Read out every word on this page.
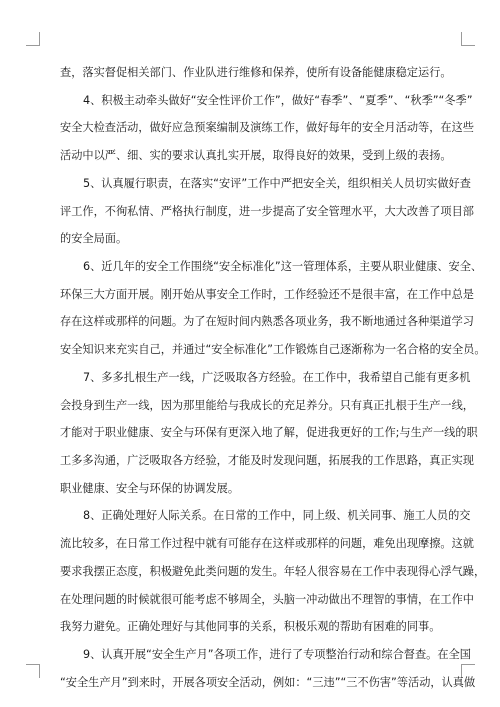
查，落实督促相关部门、作业队进行维修和保养，使所有设备能健康稳定运行。
4、积极主动牵头做好“安全性评价工作”，做好“春季”、“夏季”、“秋季”“冬季”
安全大检查活动，做好应急预案编制及演练工作，做好每年的安全月活动等，在这些
活动中以严、细、实的要求认真扎实开展，取得良好的效果，受到上级的表扬。
5、认真履行职责，在落实“安评”工作中严把安全关，组织相关人员切实做好查
评工作，不徇私情、严格执行制度，进一步提高了安全管理水平，大大改善了项目部
的安全局面。
6、近几年的安全工作围绕“安全标准化”这一管理体系，主要从职业健康、安全、
环保三大方面开展。刚开始从事安全工作时，工作经验还不是很丰富，在工作中总是
存在这样或那样的问题。为了在短时间内熟悉各项业务，我不断地通过各种渠道学习
安全知识来充实自己，并通过“安全标准化”工作锻炼自己逐渐称为一名合格的安全员。
7、多多扎根生产一线，广泛吸取各方经验。在工作中，我希望自己能有更多机
会投身到生产一线，因为那里能给与我成长的充足养分。只有真正扎根于生产一线，
才能对于职业健康、安全与环保有更深入地了解，促进我更好的工作;与生产一线的职
工多多沟通，广泛吸取各方经验，才能及时发现问题，拓展我的工作思路，真正实现
职业健康、安全与环保的协调发展。
8、正确处理好人际关系。在日常的工作中，同上级、机关同事、施工人员的交
流比较多，在日常工作过程中就有可能存在这样或那样的问题，难免出现摩擦。这就
要求我摆正态度，积极避免此类问题的发生。年轻人很容易在工作中表现得心浮气躁，
在处理问题的时候就很可能考虑不够周全，头脑一冲动做出不理智的事情，在工作中
我努力避免。正确处理好与其他同事的关系，积极乐观的帮助有困难的同事。
9、认真开展“安全生产月”各项工作，进行了专项整治行动和综合督查。在全国
“安全生产月”到来时，开展各项安全活动，例如：“三违”“三不伤害”等活动，认真做
